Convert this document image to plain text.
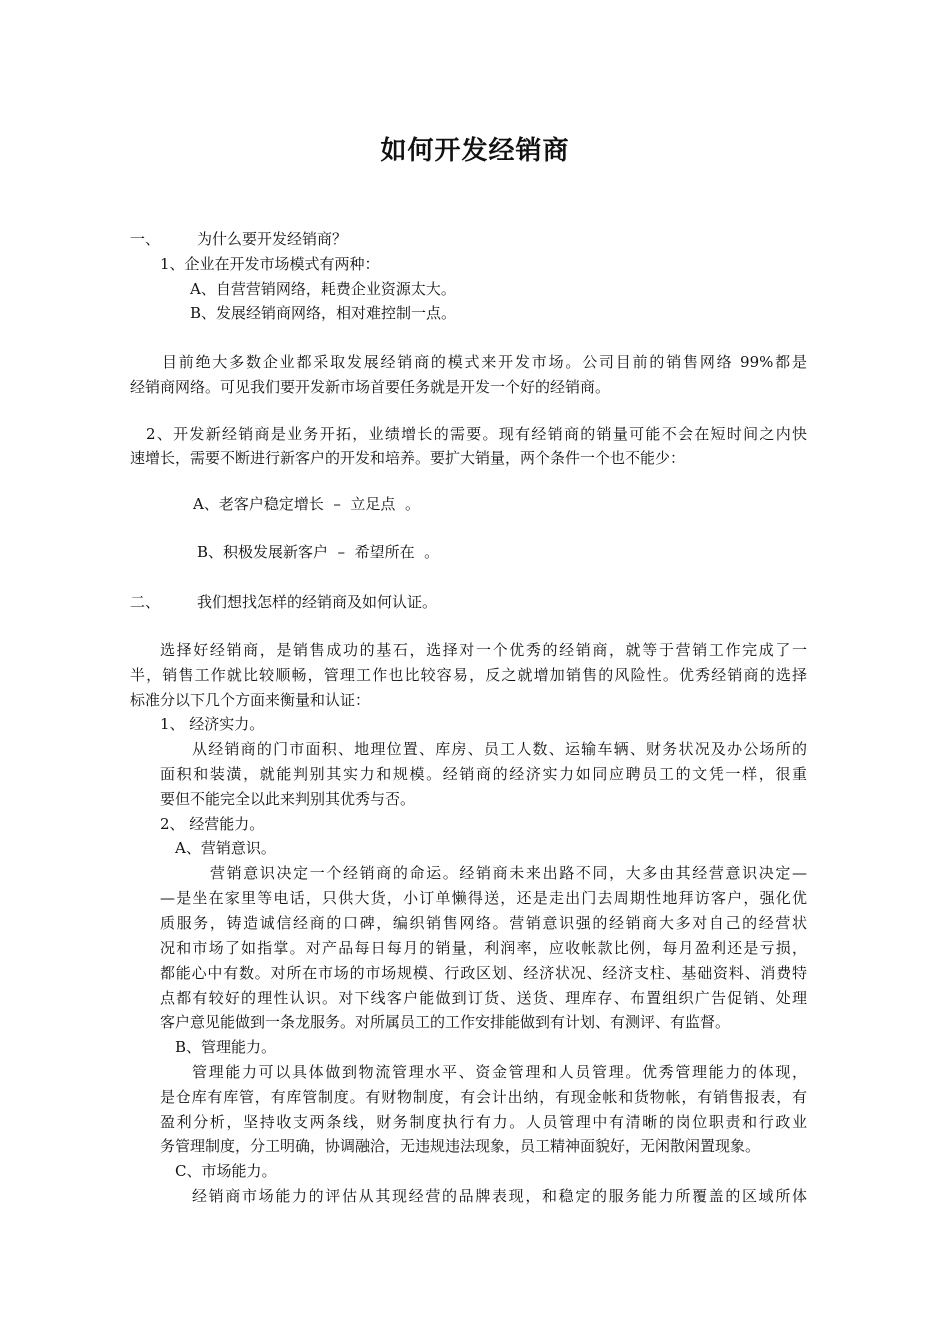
如何开发经销商
一、 为什么要开发经销商？
1、企业在开发市场模式有两种：
A、自营营销网络，耗费企业资源太大。
B、发展经销商网络，相对难控制一点。
目前绝大多数企业都采取发展经销商的模式来开发市场。公司目前的销售网络 99%都是
经销商网络。可见我们要开发新市场首要任务就是开发一个好的经销商。
2、开发新经销商是业务开拓，业绩增长的需要。现有经销商的销量可能不会在短时间之内快
速增长，需要不断进行新客户的开发和培养。要扩大销量，两个条件一个也不能少：
A、老客户稳定增长  –  立足点  。
B、积极发展新客户  –  希望所在  。
二、 我们想找怎样的经销商及如何认证。
选择好经销商，是销售成功的基石，选择对一个优秀的经销商，就等于营销工作完成了一
半，销售工作就比较顺畅，管理工作也比较容易，反之就增加销售的风险性。优秀经销商的选择
标准分以下几个方面来衡量和认证：
1、 经济实力。
从经销商的门市面积、地理位置、库房、员工人数、运输车辆、财务状况及办公场所的
面积和装潢，就能判别其实力和规模。经销商的经济实力如同应聘员工的文凭一样，很重
要但不能完全以此来判别其优秀与否。
2、 经营能力。
A、营销意识。
营销意识决定一个经销商的命运。经销商未来出路不同，大多由其经营意识决定—
—是坐在家里等电话，只供大货，小订单懒得送，还是走出门去周期性地拜访客户，强化优
质服务，铸造诚信经商的口碑，编织销售网络。营销意识强的经销商大多对自己的经营状
况和市场了如指掌。对产品每日每月的销量，利润率，应收帐款比例，每月盈利还是亏损，
都能心中有数。对所在市场的市场规模、行政区划、经济状况、经济支柱、基础资料、消费特
点都有较好的理性认识。对下线客户能做到订货、送货、理库存、布置组织广告促销、处理
客户意见能做到一条龙服务。对所属员工的工作安排能做到有计划、有测评、有监督。
B、管理能力。
管理能力可以具体做到物流管理水平、资金管理和人员管理。优秀管理能力的体现，
是仓库有库管，有库管制度。有财物制度，有会计出纳，有现金帐和货物帐，有销售报表，有
盈利分析，坚持收支两条线，财务制度执行有力。人员管理中有清晰的岗位职责和行政业
务管理制度，分工明确，协调融洽，无违规违法现象，员工精神面貌好，无闲散闲置现象。
C、市场能力。
经销商市场能力的评估从其现经营的品牌表现，和稳定的服务能力所覆盖的区域所体
